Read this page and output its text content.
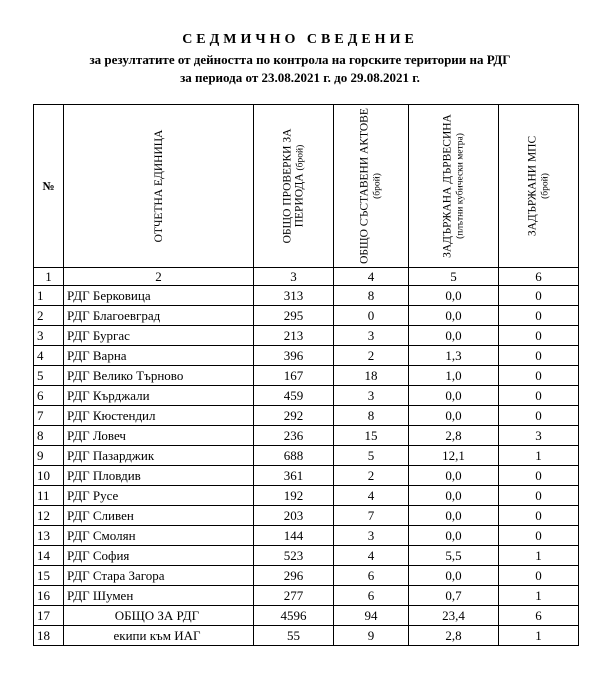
СЕДМИЧНО СВЕДЕНИЕ
за резултатите от дейността по контрола на горските територии на РДГ
за периода от 23.08.2021 г. до 29.08.2021 г.
№	ОТЧЕТНА ЕДИНИЦА	ОБЩО ПРОВЕРКИ ЗА ПЕРИОДА (брой)	ОБЩО СЪСТАВЕНИ АКТОВЕ (брой)	ЗАДЪРЖАНА ДЪРВЕСИНА (плътни кубически метра)	ЗАДЪРЖАНИ МПС (брой)

1	2	3	4	5	6
1	РДГ Берковица	313	8	0,0	0
2	РДГ Благоевград	295	0	0,0	0
3	РДГ Бургас	213	3	0,0	0
4	РДГ Варна	396	2	1,3	0
5	РДГ Велико Търново	167	18	1,0	0
6	РДГ Кърджали	459	3	0,0	0
7	РДГ Кюстендил	292	8	0,0	0
8	РДГ Ловеч	236	15	2,8	3
9	РДГ Пазарджик	688	5	12,1	1
10	РДГ Пловдив	361	2	0,0	0
11	РДГ Русе	192	4	0,0	0
12	РДГ Сливен	203	7	0,0	0
13	РДГ Смолян	144	3	0,0	0
14	РДГ София	523	4	5,5	1
15	РДГ Стара Загора	296	6	0,0	0
16	РДГ Шумен	277	6	0,7	1
17	ОБЩО ЗА РДГ	4596	94	23,4	6
18	екипи към ИАГ	55	9	2,8	1
